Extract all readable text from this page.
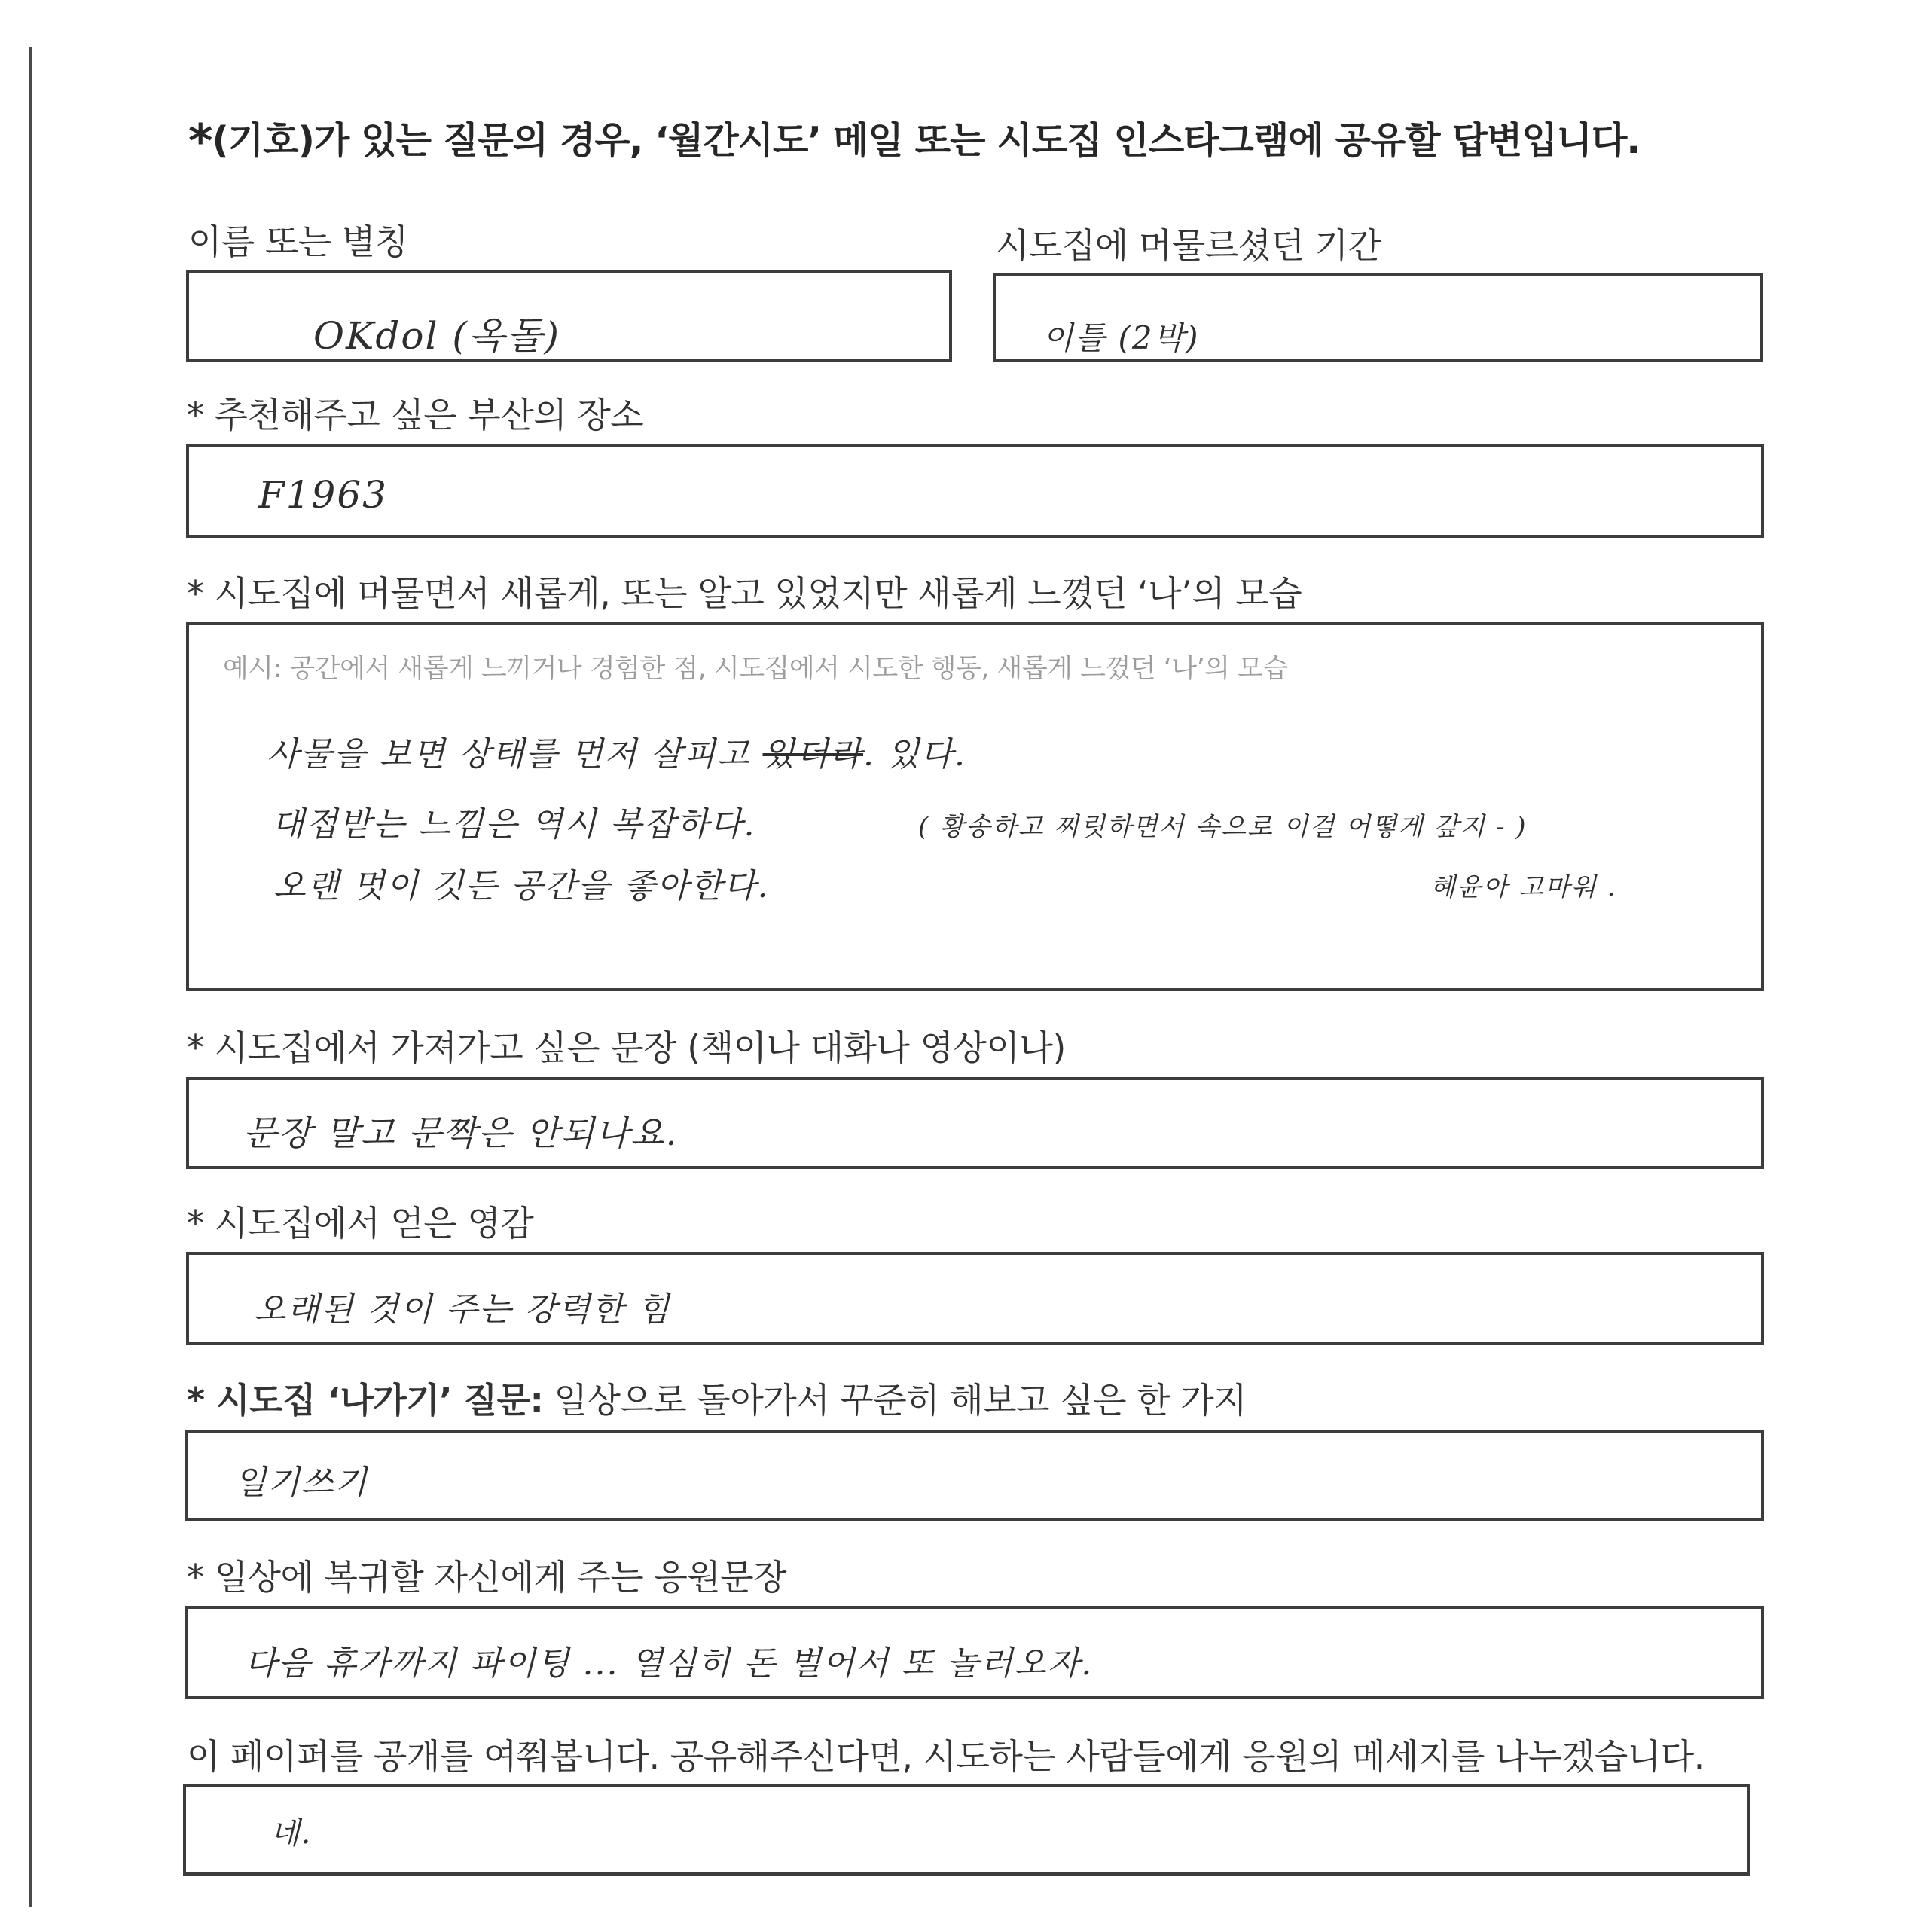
*(기호)가 있는 질문의 경우, ‘월간시도’ 메일 또는 시도집 인스타그램에 공유할 답변입니다.
이름 또는 별칭
OKdol (옥돌)
시도집에 머물르셨던 기간
이틀 (2박)
* 추천해주고 싶은 부산의 장소
F1963
* 시도집에 머물면서 새롭게, 또는 알고 있었지만 새롭게 느꼈던 ‘나’의 모습
예시: 공간에서 새롭게 느끼거나 경험한 점, 시도집에서 시도한 행동, 새롭게 느꼈던 ‘나’의 모습
사물을 보면 상태를 먼저 살피고 있더라. 있다.
대접받는 느낌은 역시 복잡하다.	( 황송하고 찌릿하면서 속으로 이걸 어떻게 갚지 - )
오랜 멋이 깃든 공간을 좋아한다.	혜윤아 고마워 .
* 시도집에서 가져가고 싶은 문장 (책이나 대화나 영상이나)
문장 말고 문짝은 안되나요.
* 시도집에서 얻은 영감
오래된 것이 주는 강력한 힘
* 시도집 ‘나가기’ 질문: 일상으로 돌아가서 꾸준히 해보고 싶은 한 가지
일기쓰기
* 일상에 복귀할 자신에게 주는 응원문장
다음 휴가까지 파이팅 ... 열심히 돈 벌어서 또 놀러오자.
이 페이퍼를 공개를 여쭤봅니다. 공유해주신다면, 시도하는 사람들에게 응원의 메세지를 나누겠습니다.
네.
